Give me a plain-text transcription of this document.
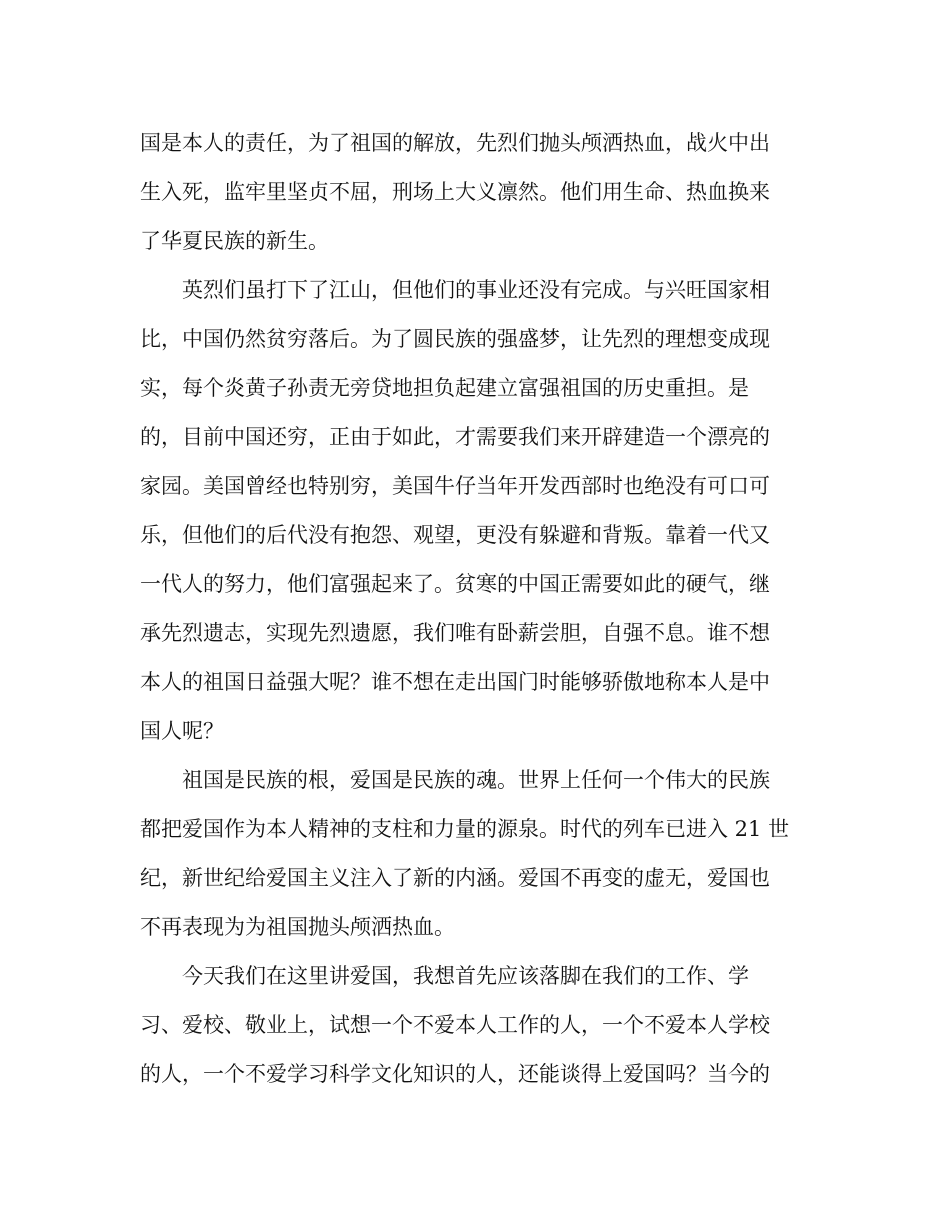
国是本人的责任，为了祖国的解放，先烈们抛头颅洒热血，战火中出
生入死，监牢里坚贞不屈，刑场上大义凛然。他们用生命、热血换来
了华夏民族的新生。
英烈们虽打下了江山，但他们的事业还没有完成。与兴旺国家相
比，中国仍然贫穷落后。为了圆民族的强盛梦，让先烈的理想变成现
实，每个炎黄子孙责无旁贷地担负起建立富强祖国的历史重担。是
的，目前中国还穷，正由于如此，才需要我们来开辟建造一个漂亮的
家园。美国曾经也特别穷，美国牛仔当年开发西部时也绝没有可口可
乐，但他们的后代没有抱怨、观望，更没有躲避和背叛。靠着一代又
一代人的努力，他们富强起来了。贫寒的中国正需要如此的硬气，继
承先烈遗志，实现先烈遗愿，我们唯有卧薪尝胆，自强不息。谁不想
本人的祖国日益强大呢？谁不想在走出国门时能够骄傲地称本人是中
国人呢？
祖国是民族的根，爱国是民族的魂。世界上任何一个伟大的民族
都把爱国作为本人精神的支柱和力量的源泉。时代的列车已进入 21 世
纪，新世纪给爱国主义注入了新的内涵。爱国不再变的虚无，爱国也
不再表现为为祖国抛头颅洒热血。
今天我们在这里讲爱国，我想首先应该落脚在我们的工作、学
习、爱校、敬业上，试想一个不爱本人工作的人，一个不爱本人学校
的人，一个不爱学习科学文化知识的人，还能谈得上爱国吗？当今的
